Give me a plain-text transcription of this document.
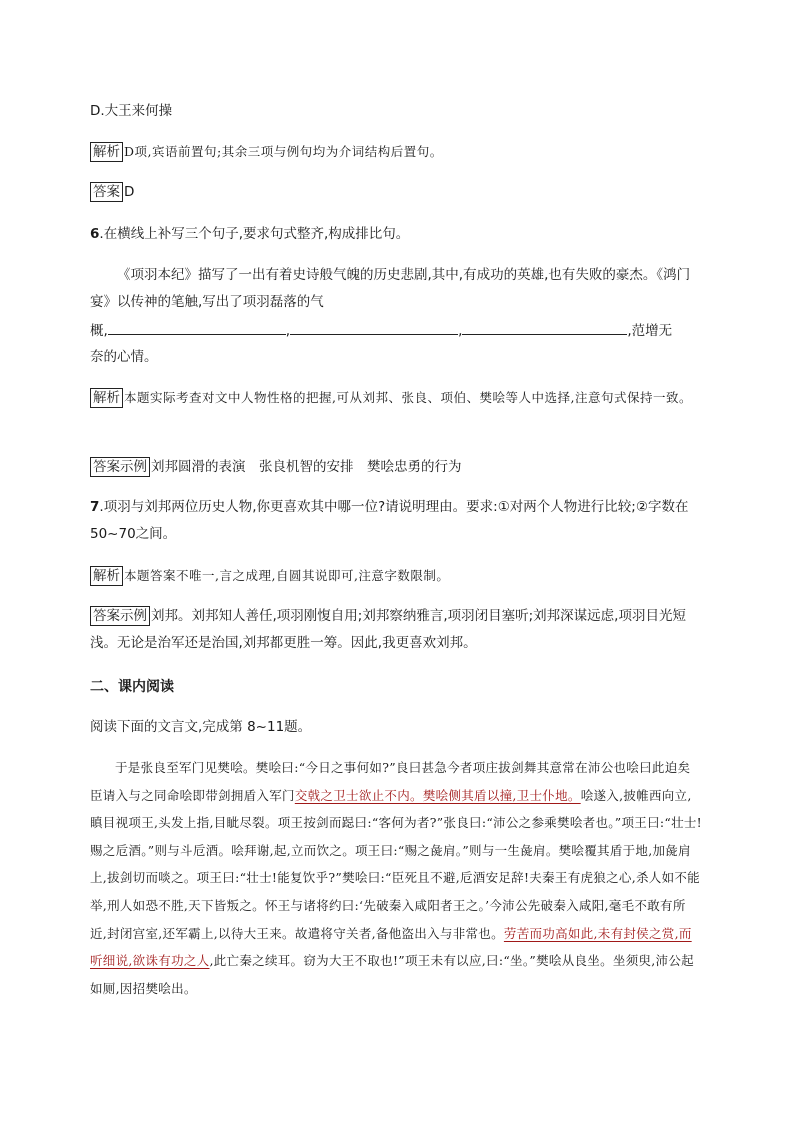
D.大王来何操
解析 D项,宾语前置句;其余三项与例句均为介词结构后置句。
答案 D
6.在横线上补写三个句子,要求句式整齐,构成排比句。
《项羽本纪》描写了一出有着史诗般气魄的历史悲剧,其中,有成功的英雄,也有失败的豪杰。《鸿门宴》以传神的笔触,写出了项羽磊落的气
概,	,	,	,范增无
奈的心情。
解析 本题实际考查对文中人物性格的把握,可从刘邦、张良、项伯、樊哙等人中选择,注意句式保持一致。
答案示例 刘邦圆滑的表演　张良机智的安排　樊哙忠勇的行为
7.项羽与刘邦两位历史人物,你更喜欢其中哪一位?请说明理由。要求:①对两个人物进行比较;②字数在 50~70之间。
解析 本题答案不唯一,言之成理,自圆其说即可,注意字数限制。
答案示例 刘邦。刘邦知人善任,项羽刚愎自用;刘邦察纳雅言,项羽闭目塞听;刘邦深谋远虑,项羽目光短浅。无论是治军还是治国,刘邦都更胜一筹。因此,我更喜欢刘邦。
二、课内阅读
阅读下面的文言文,完成第 8~11题。
于是张良至军门见樊哙。樊哙曰:“今日之事何如?”良曰甚急今者项庄拔剑舞其意常在沛公也哙曰此迫矣臣请入与之同命哙即带剑拥盾入军门交戟之卫士欲止不内。樊哙侧其盾以撞,卫士仆地。哙遂入,披帷西向立,瞋目视项王,头发上指,目眦尽裂。项王按剑而跽曰:“客何为者?”张良曰:“沛公之参乘樊哙者也。”项王曰:“壮士!赐之卮酒。”则与斗卮酒。哙拜谢,起,立而饮之。项王曰:“赐之彘肩。”则与一生彘肩。樊哙覆其盾于地,加彘肩上,拔剑切而啖之。项王曰:“壮士!能复饮乎?”樊哙曰:“臣死且不避,卮酒安足辞!夫秦王有虎狼之心,杀人如不能举,刑人如恐不胜,天下皆叛之。怀王与诸将约曰:‘先破秦入咸阳者王之。’今沛公先破秦入咸阳,毫毛不敢有所近,封闭宫室,还军霸上,以待大王来。故遣将守关者,备他盗出入与非常也。劳苦而功高如此,未有封侯之赏,而听细说,欲诛有功之人,此亡秦之续耳。窃为大王不取也!”项王未有以应,曰:“坐。”樊哙从良坐。坐须臾,沛公起如厕,因招樊哙出。
